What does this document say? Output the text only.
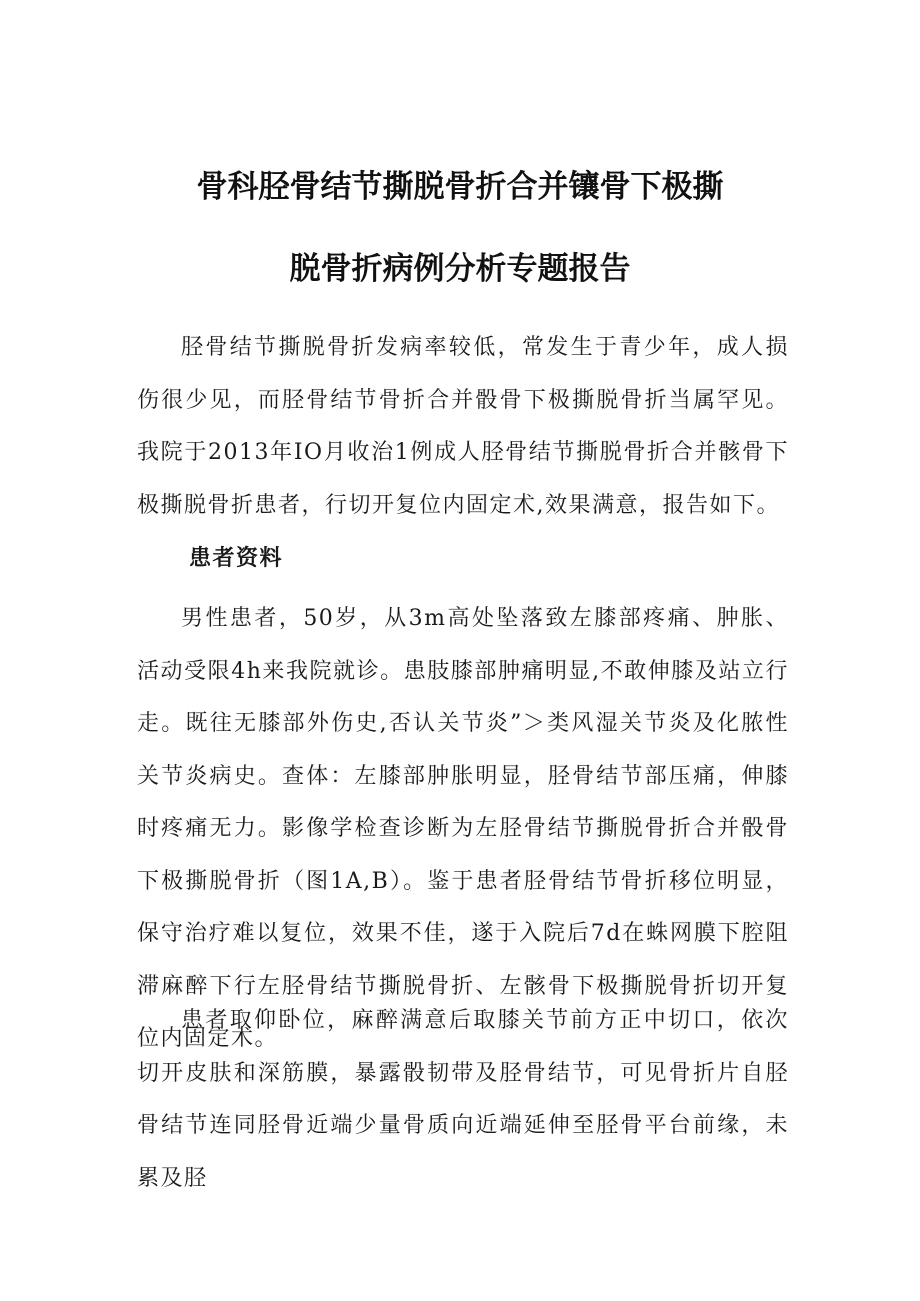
骨科胫骨结节撕脱骨折合并镶骨下极撕
脱骨折病例分析专题报告

胫骨结节撕脱骨折发病率较低，常发生于青少年，成人损伤很少见，而胫骨结节骨折合并骰骨下极撕脱骨折当属罕见。我院于2013年IO月收治1例成人胫骨结节撕脱骨折合并骸骨下极撕脱骨折患者，行切开复位内固定术,效果满意，报告如下。

患者资料

男性患者，50岁，从3m高处坠落致左膝部疼痛、肿胀、活动受限4h来我院就诊。患肢膝部肿痛明显,不敢伸膝及站立行走。既往无膝部外伤史,否认关节炎”＞类风湿关节炎及化脓性关节炎病史。查体：左膝部肿胀明显，胫骨结节部压痛，伸膝时疼痛无力。影像学检查诊断为左胫骨结节撕脱骨折合并骰骨下极撕脱骨折（图1A,B）。鉴于患者胫骨结节骨折移位明显，保守治疗难以复位，效果不佳，遂于入院后7d在蛛网膜下腔阻滞麻醉下行左胫骨结节撕脱骨折、左骸骨下极撕脱骨折切开复位内固定术。

患者取仰卧位，麻醉满意后取膝关节前方正中切口，依次切开皮肤和深筋膜，暴露骰韧带及胫骨结节，可见骨折片自胫骨结节连同胫骨近端少量骨质向近端延伸至胫骨平台前缘，未累及胫
